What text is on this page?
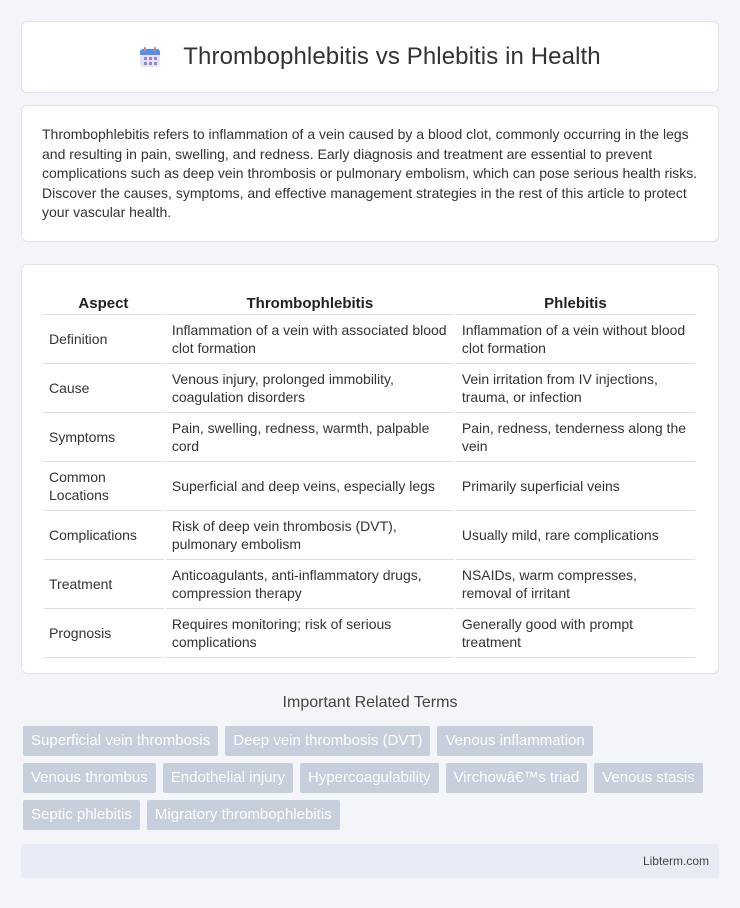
Thrombophlebitis vs Phlebitis in Health

Thrombophlebitis refers to inflammation of a vein caused by a blood clot, commonly occurring in the legs and resulting in pain, swelling, and redness. Early diagnosis and treatment are essential to prevent complications such as deep vein thrombosis or pulmonary embolism, which can pose serious health risks. Discover the causes, symptoms, and effective management strategies in the rest of this article to protect your vascular health.

Aspect	Thrombophlebitis	Phlebitis
Definition	Inflammation of a vein with associated blood clot formation	Inflammation of a vein without blood clot formation
Cause	Venous injury, prolonged immobility, coagulation disorders	Vein irritation from IV injections, trauma, or infection
Symptoms	Pain, swelling, redness, warmth, palpable cord	Pain, redness, tenderness along the vein
Common Locations	Superficial and deep veins, especially legs	Primarily superficial veins
Complications	Risk of deep vein thrombosis (DVT), pulmonary embolism	Usually mild, rare complications
Treatment	Anticoagulants, anti-inflammatory drugs, compression therapy	NSAIDs, warm compresses, removal of irritant
Prognosis	Requires monitoring; risk of serious complications	Generally good with prompt treatment
Important Related Terms
Superficial vein thrombosis	Deep vein thrombosis (DVT)	Venous inflammation
Venous thrombus	Endothelial injury	Hypercoagulability	Virchowâ€™s triad	Venous stasis
Septic phlebitis	Migratory thrombophlebitis
Libterm.com
